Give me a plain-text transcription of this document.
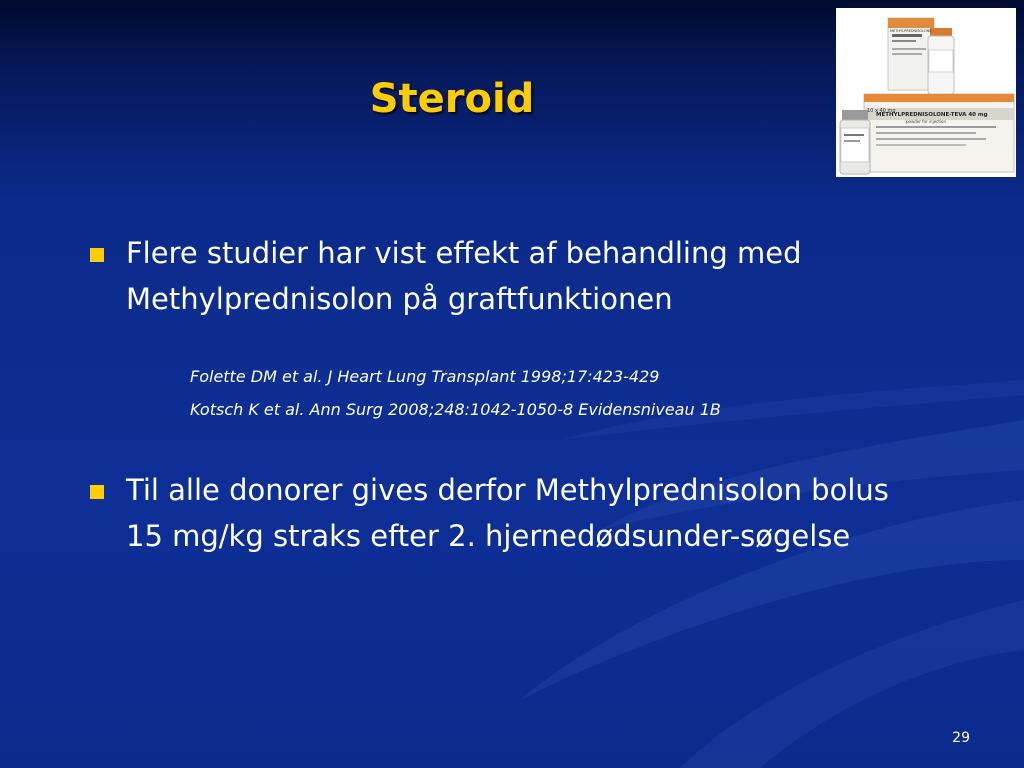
Steroid	10 x 40 mg
METHYLPREDNISOLONE-TEVA 40 mg
powder for injection
METHYLPREDNISOLONE
Flere studier har vist effekt af behandling med Methylprednisolon på graftfunktionen
Folette DM et al. J Heart Lung Transplant 1998;17:423-429
Kotsch K et al. Ann Surg 2008;248:1042-1050-8 Evidensniveau 1B
Til alle donorer gives derfor Methylprednisolon bolus 15 mg/kg straks efter 2. hjernedødsunder-søgelse
29
